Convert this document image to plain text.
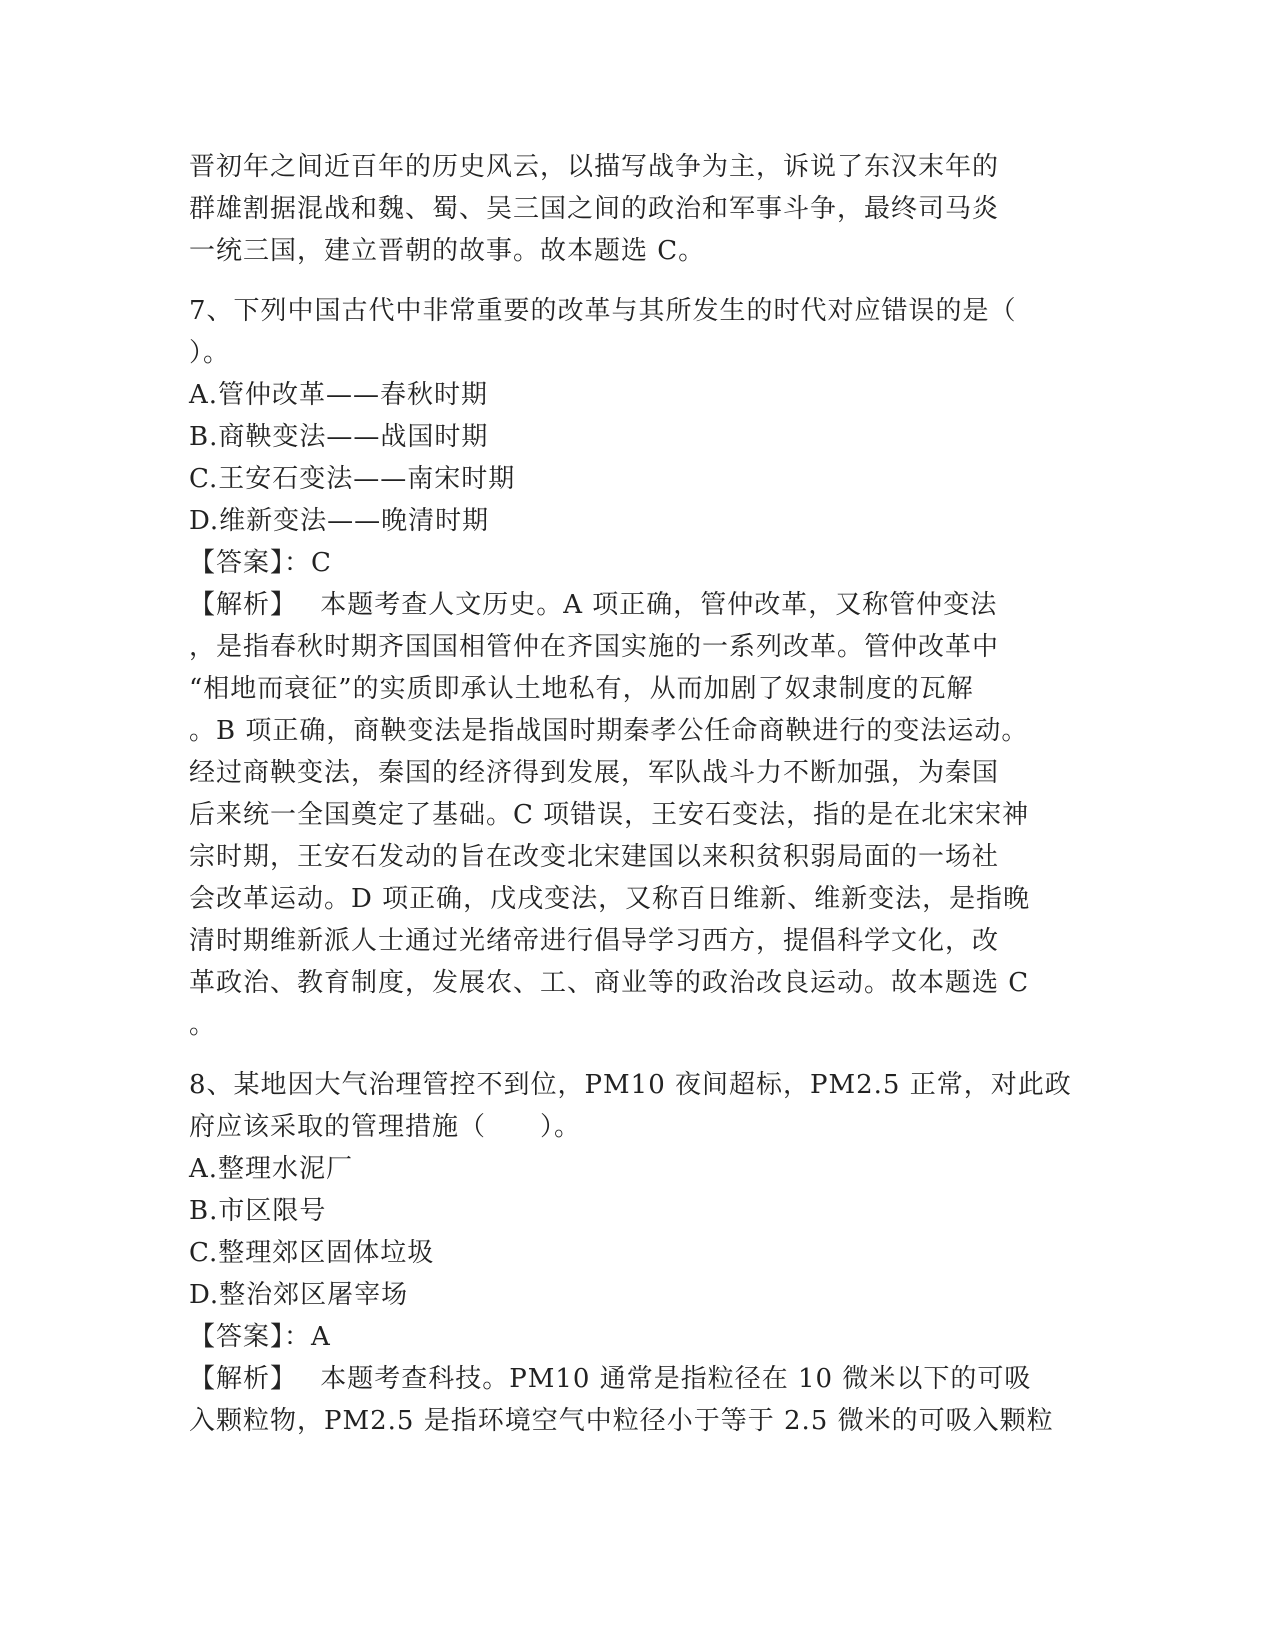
晋初年之间近百年的历史风云，以描写战争为主，诉说了东汉末年的
群雄割据混战和魏、蜀、吴三国之间的政治和军事斗争，最终司马炎
一统三国，建立晋朝的故事。故本题选 C。
7、下列中国古代中非常重要的改革与其所发生的时代对应错误的是（
）。
A.管仲改革——春秋时期
B.商鞅变法——战国时期
C.王安石变法——南宋时期
D.维新变法——晚清时期
【答案】：C
【解析】　 本题考查人文历史。A 项正确，管仲改革，又称管仲变法
，是指春秋时期齐国国相管仲在齐国实施的一系列改革。管仲改革中
“相地而衰征”的实质即承认土地私有，从而加剧了奴隶制度的瓦解
。B 项正确，商鞅变法是指战国时期秦孝公任命商鞅进行的变法运动。
经过商鞅变法，秦国的经济得到发展，军队战斗力不断加强，为秦国
后来统一全国奠定了基础。C 项错误，王安石变法，指的是在北宋宋神
宗时期，王安石发动的旨在改变北宋建国以来积贫积弱局面的一场社
会改革运动。D 项正确，戊戌变法，又称百日维新、维新变法，是指晚
清时期维新派人士通过光绪帝进行倡导学习西方，提倡科学文化，改
革政治、教育制度，发展农、工、商业等的政治改良运动。故本题选 C
。
8、某地因大气治理管控不到位，PM10 夜间超标，PM2.5 正常，对此政
府应该采取的管理措施（　　）。
A.整理水泥厂
B.市区限号
C.整理郊区固体垃圾
D.整治郊区屠宰场
【答案】：A
【解析】　 本题考查科技。PM10 通常是指粒径在 10 微米以下的可吸
入颗粒物，PM2.5 是指环境空气中粒径小于等于 2.5 微米的可吸入颗粒
